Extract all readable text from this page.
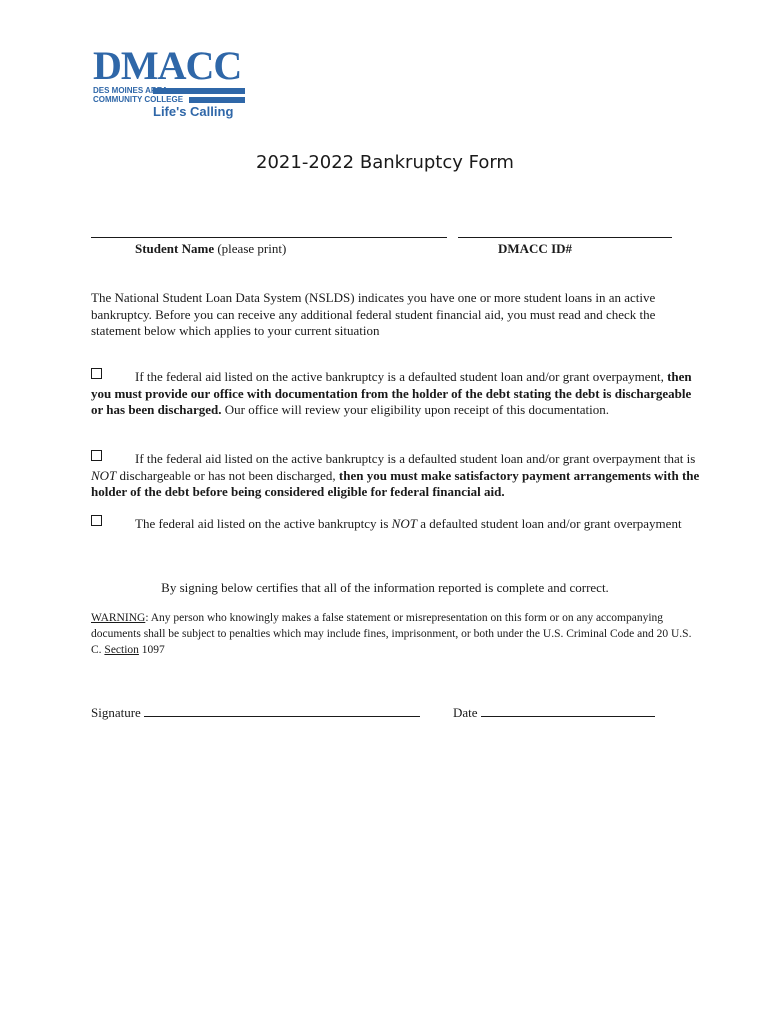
DMACC
DES MOINES AREA
COMMUNITY COLLEGE
Life's Calling
2021-2022 Bankruptcy Form
Student Name (please print)	DMACC ID#
The National Student Loan Data System (NSLDS) indicates you have one or more student loans in an active bankruptcy. Before you can receive any additional federal student financial aid, you must read and check the statement below which applies to your current situation
If the federal aid listed on the active bankruptcy is a defaulted student loan and/or grant overpayment, then you must provide our office with documentation from the holder of the debt stating the debt is dischargeable or has been discharged. Our office will review your eligibility upon receipt of this documentation.
If the federal aid listed on the active bankruptcy is a defaulted student loan and/or grant overpayment that is NOT dischargeable or has not been discharged, then you must make satisfactory payment arrangements with the holder of the debt before being considered eligible for federal financial aid.
The federal aid listed on the active bankruptcy is NOT a defaulted student loan and/or grant overpayment
By signing below certifies that all of the information reported is complete and correct.
WARNING: Any person who knowingly makes a false statement or misrepresentation on this form or on any accompanying documents shall be subject to penalties which may include fines, imprisonment, or both under the U.S. Criminal Code and 20 U.S. C. Section 1097
Signature	Date
